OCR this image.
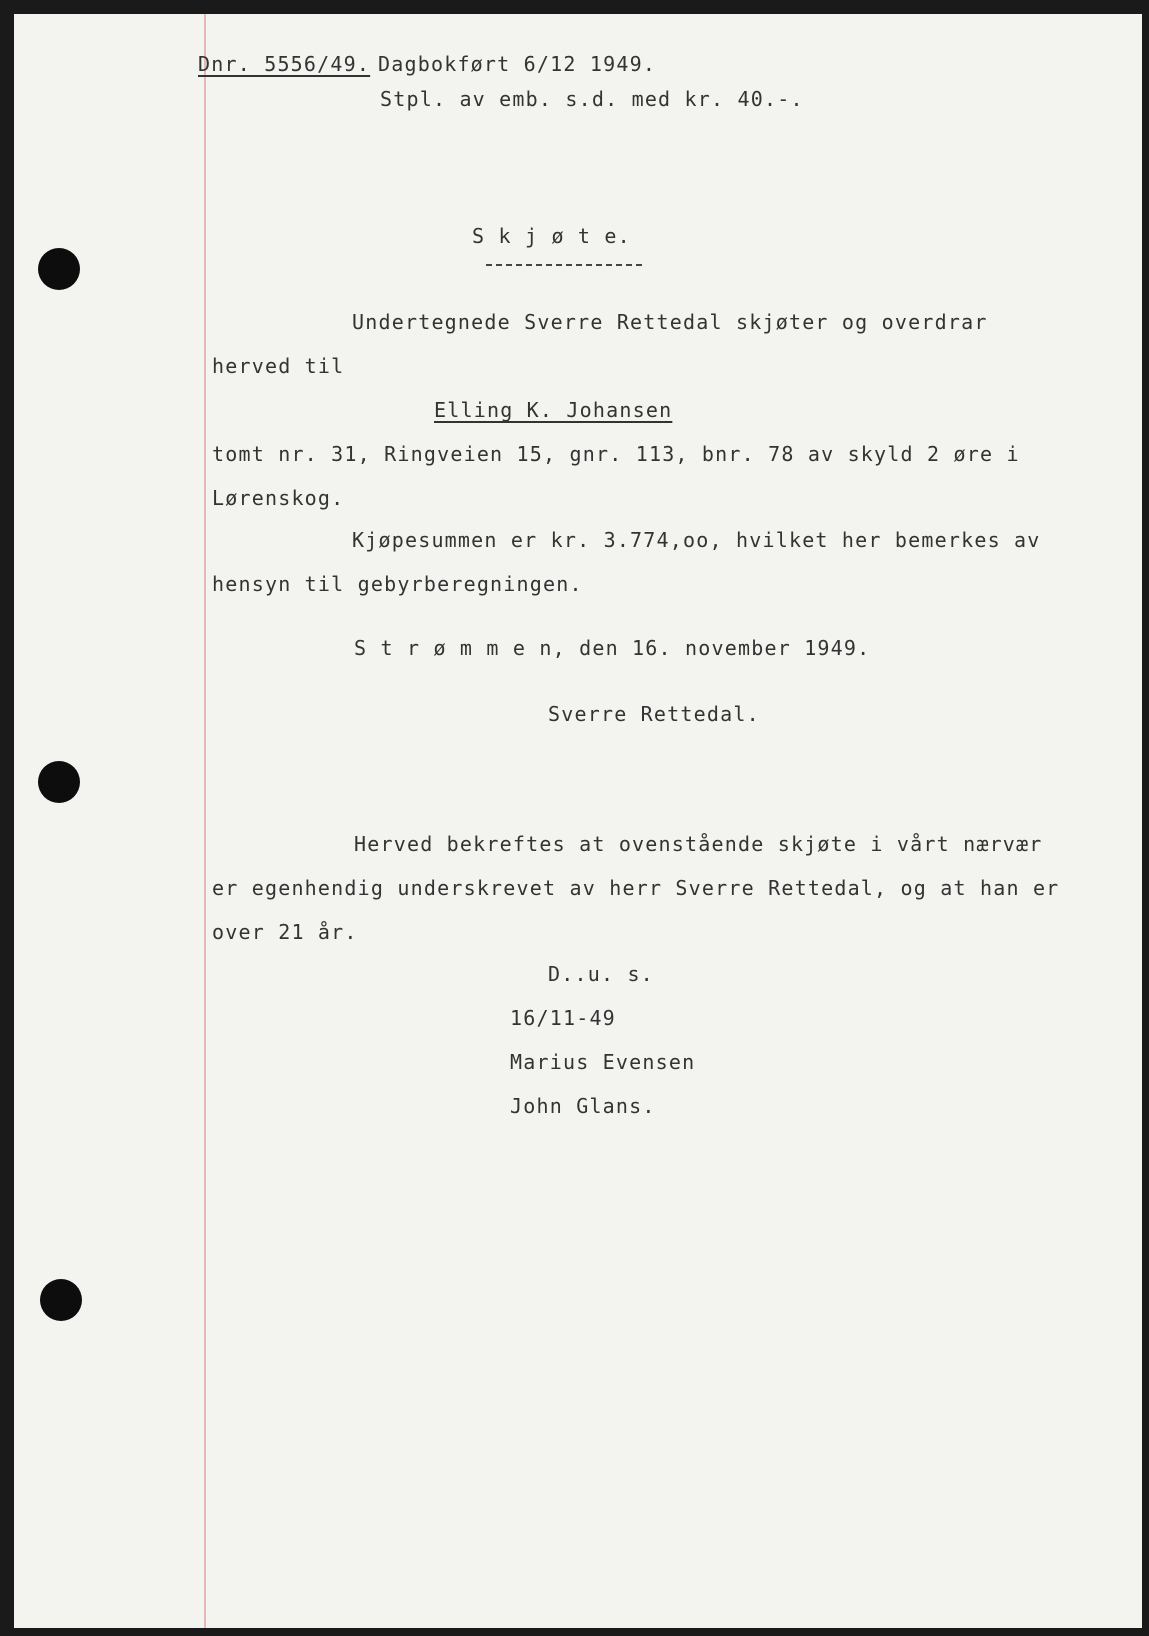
Dnr. 5556/49. Dagbokført 6/12 1949.
Stpl. av emb. s.d. med kr. 40.-.
S k j ø t e.
Undertegnede Sverre Rettedal skjøter og overdrar
herved til
Elling K. Johansen
tomt nr. 31, Ringveien 15, gnr. 113, bnr. 78 av skyld 2 øre i
Lørenskog.
Kjøpesummen er kr. 3.774,oo, hvilket her bemerkes av
hensyn til gebyrberegningen.
S t r ø m m e n, den 16. november 1949.
Sverre Rettedal.
Herved bekreftes at ovenstående skjøte i vårt nærvær
er egenhendig underskrevet av herr Sverre Rettedal, og at han er
over 21 år.
D..u. s.
16/11-49
Marius Evensen
John Glans.
